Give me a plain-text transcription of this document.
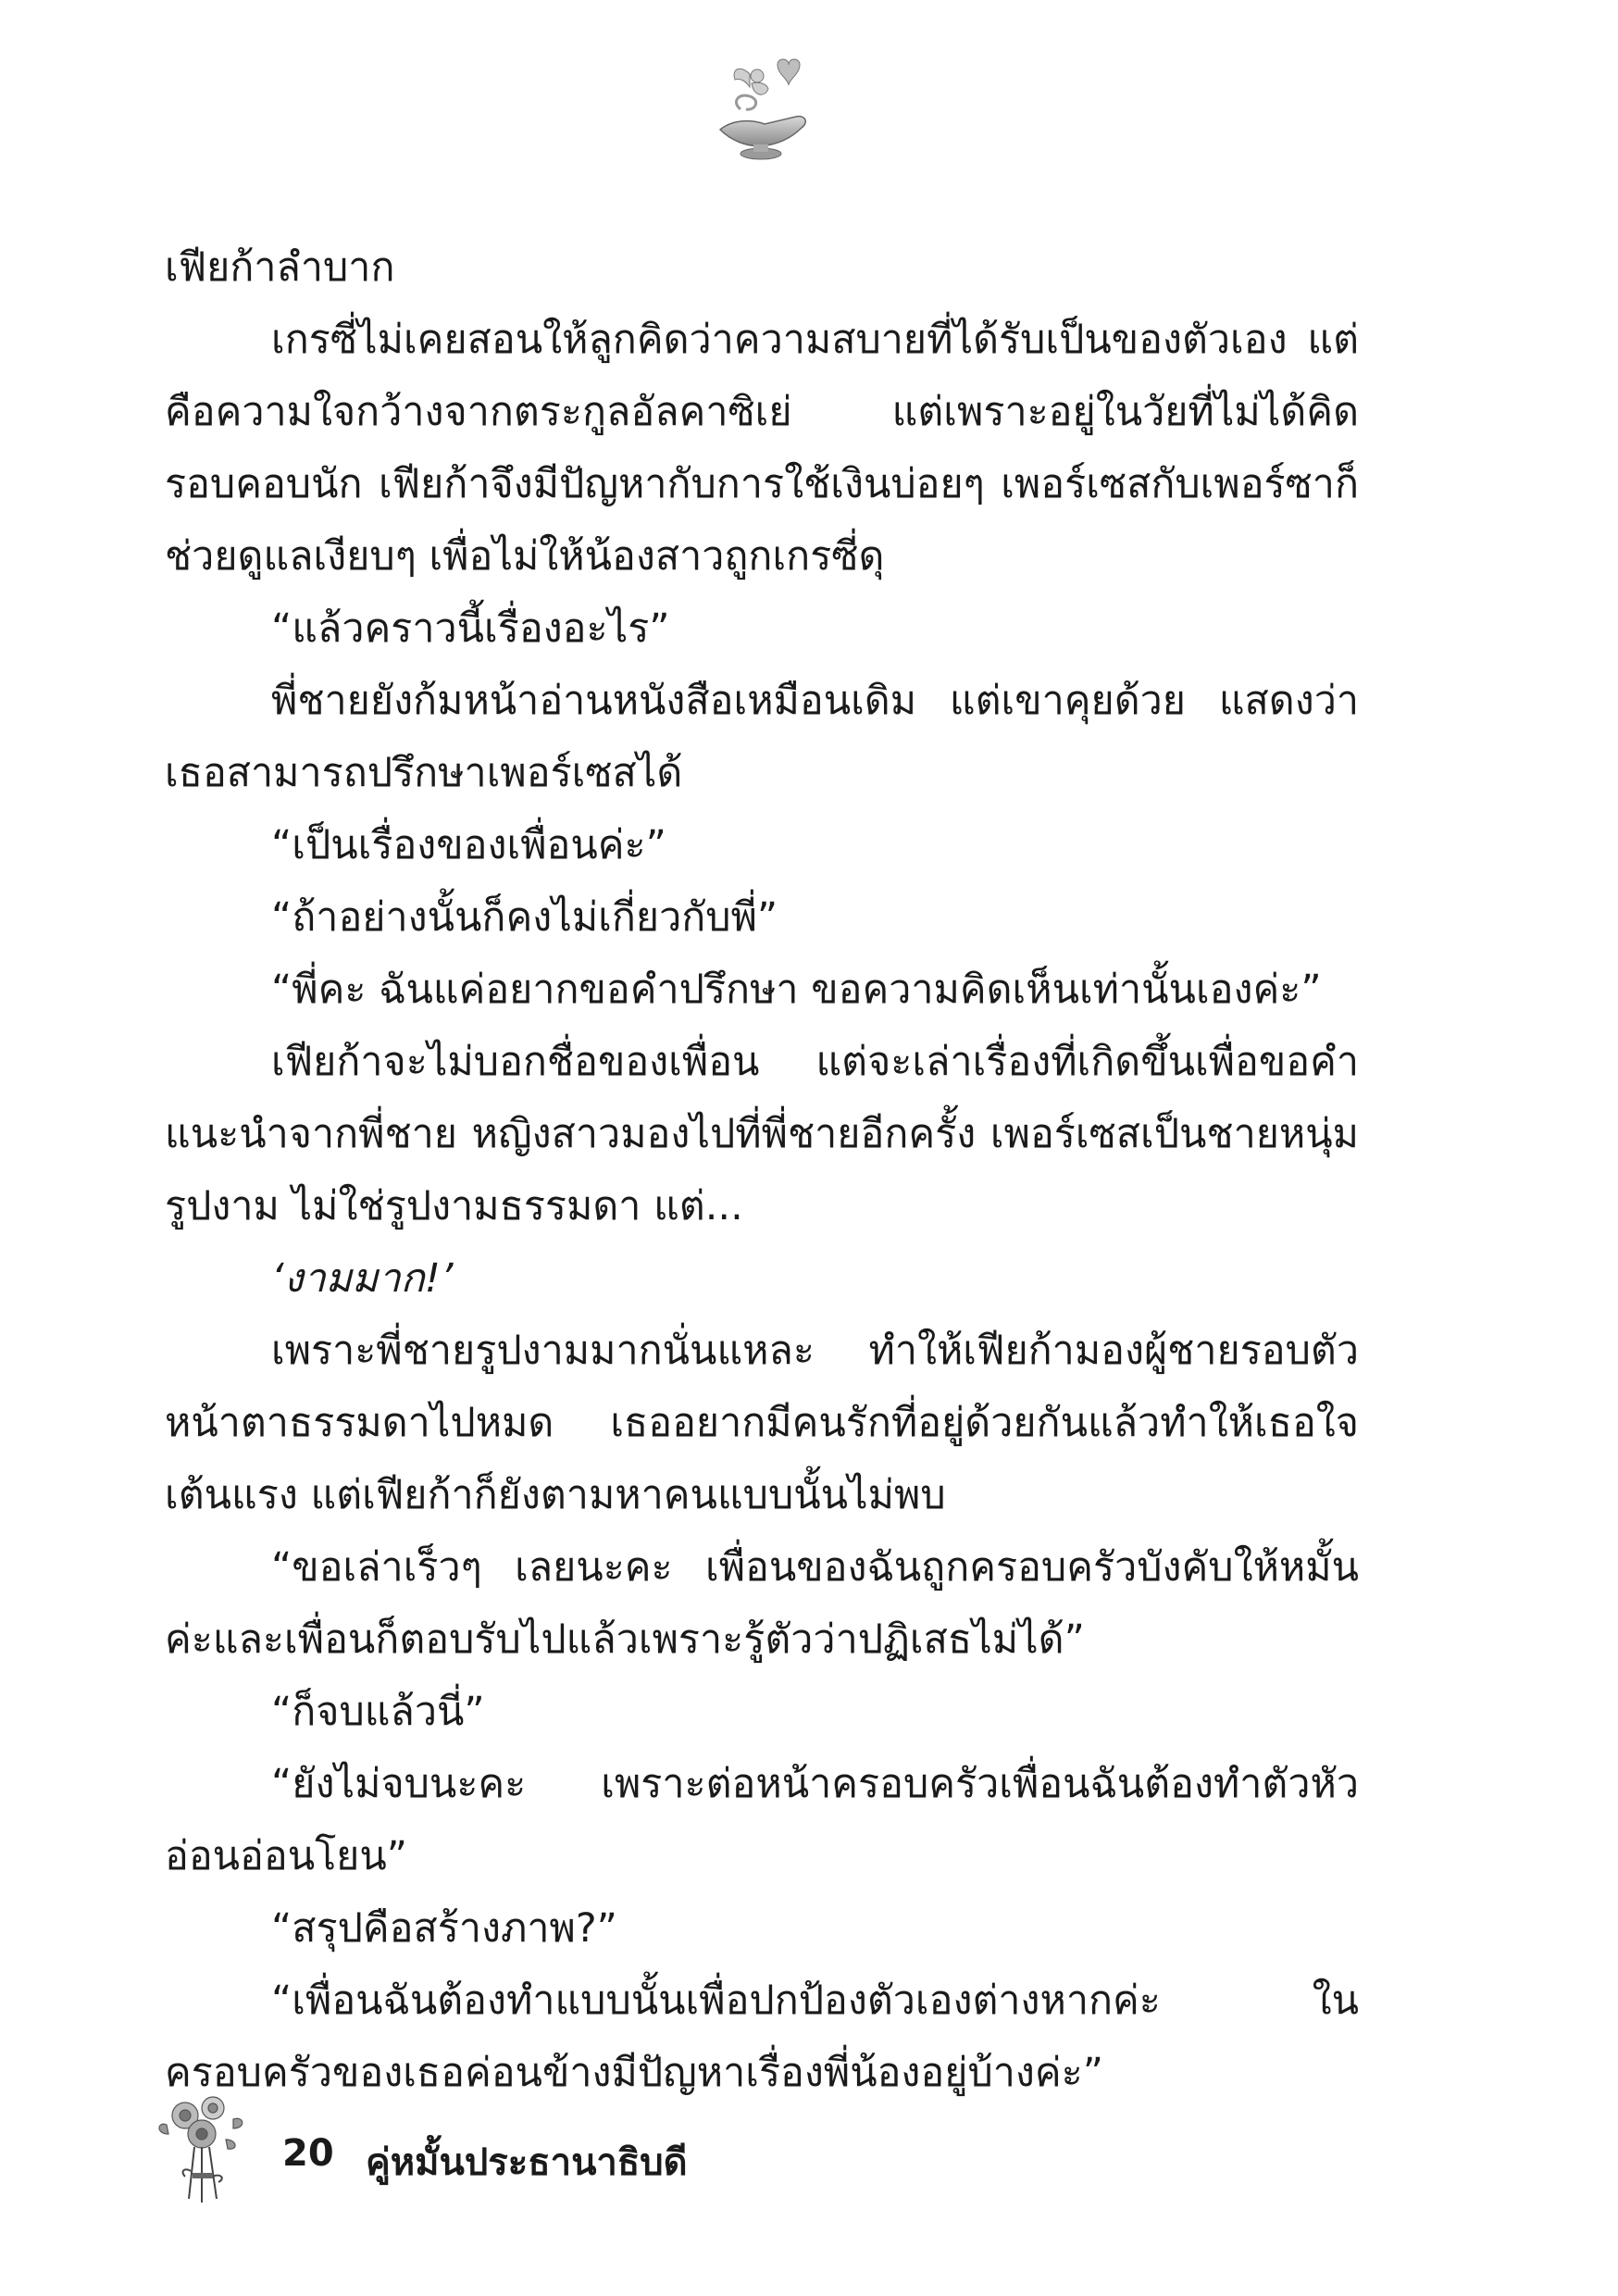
เฟียก้าลำบาก

เกรซี่ไม่เคยสอนให้ลูกคิดว่าความสบายที่ได้รับเป็นของตัวเอง แต่คือความใจกว้างจากตระกูลอัลคาซิเย่ แต่เพราะอยู่ในวัยที่ไม่ได้คิดรอบคอบนัก เฟียก้าจึงมีปัญหากับการใช้เงินบ่อยๆ เพอร์เซสกับเพอร์ซาก็ช่วยดูแลเงียบๆ เพื่อไม่ให้น้องสาวถูกเกรซี่ดุ

“แล้วคราวนี้เรื่องอะไร”

พี่ชายยังก้มหน้าอ่านหนังสือเหมือนเดิม แต่เขาคุยด้วย แสดงว่าเธอสามารถปรึกษาเพอร์เซสได้

“เป็นเรื่องของเพื่อนค่ะ”

“ถ้าอย่างนั้นก็คงไม่เกี่ยวกับพี่”

“พี่คะ ฉันแค่อยากขอคำปรึกษา ขอความคิดเห็นเท่านั้นเองค่ะ”

เฟียก้าจะไม่บอกชื่อของเพื่อน แต่จะเล่าเรื่องที่เกิดขึ้นเพื่อขอคำแนะนำจากพี่ชาย หญิงสาวมองไปที่พี่ชายอีกครั้ง เพอร์เซสเป็นชายหนุ่มรูปงาม ไม่ใช่รูปงามธรรมดา แต่...

‘งามมาก!’

เพราะพี่ชายรูปงามมากนั่นแหละ ทำให้เฟียก้ามองผู้ชายรอบตัวหน้าตาธรรมดาไปหมด เธออยากมีคนรักที่อยู่ด้วยกันแล้วทำให้เธอใจเต้นแรง แต่เฟียก้าก็ยังตามหาคนแบบนั้นไม่พบ

“ขอเล่าเร็วๆ เลยนะคะ เพื่อนของฉันถูกครอบครัวบังคับให้หมั้นค่ะและเพื่อนก็ตอบรับไปแล้วเพราะรู้ตัวว่าปฏิเสธไม่ได้”

“ก็จบแล้วนี่”

“ยังไม่จบนะคะ เพราะต่อหน้าครอบครัวเพื่อนฉันต้องทำตัวหัวอ่อนอ่อนโยน”

“สรุปคือสร้างภาพ?”

“เพื่อนฉันต้องทำแบบนั้นเพื่อปกป้องตัวเองต่างหากค่ะ ในครอบครัวของเธอค่อนข้างมีปัญหาเรื่องพี่น้องอยู่บ้างค่ะ”

20 คู่หมั้นประธานาธิบดี
